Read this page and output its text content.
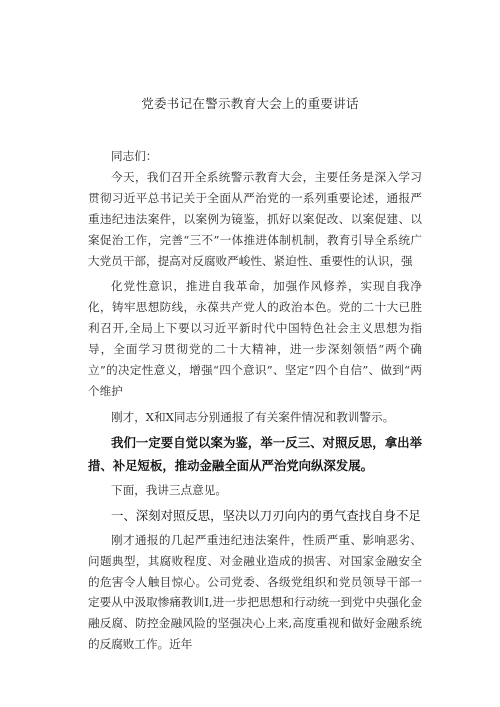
党委书记在警示教育大会上的重要讲话

同志们：

今天，我们召开全系统警示教育大会，主要任务是深入学习贯彻习近平总书记关于全面从严治党的一系列重要论述，通报严重违纪违法案件，以案例为镜鉴，抓好以案促改、以案促建、以案促治工作，完善“三不”一体推进体制机制，教育引导全系统广大党员干部，提高对反腐败严峻性、紧迫性、重要性的认识，强

化党性意识，推进自我革命，加强作风修养，实现自我净化，铸牢思想防线，永葆共产党人的政治本色。党的二十大已胜利召开,全局上下要以习近平新时代中国特色社会主义思想为指导，全面学习贯彻党的二十大精神，进一步深刻领悟“两个确立”的决定性意义，增强“四个意识”、坚定”四个自信”、做到“两个维护

刚才，X和X同志分别通报了有关案件情况和教训警示。

我们一定要自觉以案为鉴，举一反三、对照反思，拿出举措、补足短板，推动金融全面从严治党向纵深发展。

下面，我讲三点意见。

一、深刻对照反思，坚决以刀刃向内的勇气查找自身不足

刚才通报的几起严重违纪违法案件，性质严重、影响恶劣、问题典型，其腐败程度、对金融业造成的损害、对国家金融安全的危害令人触目惊心。公司党委、各级党组织和党员领导干部一定要从中汲取惨痛教训I,进一步把思想和行动统一到党中央强化金融反腐、防控金融风险的坚强决心上来,高度重视和做好金融系统的反腐败工作。近年
